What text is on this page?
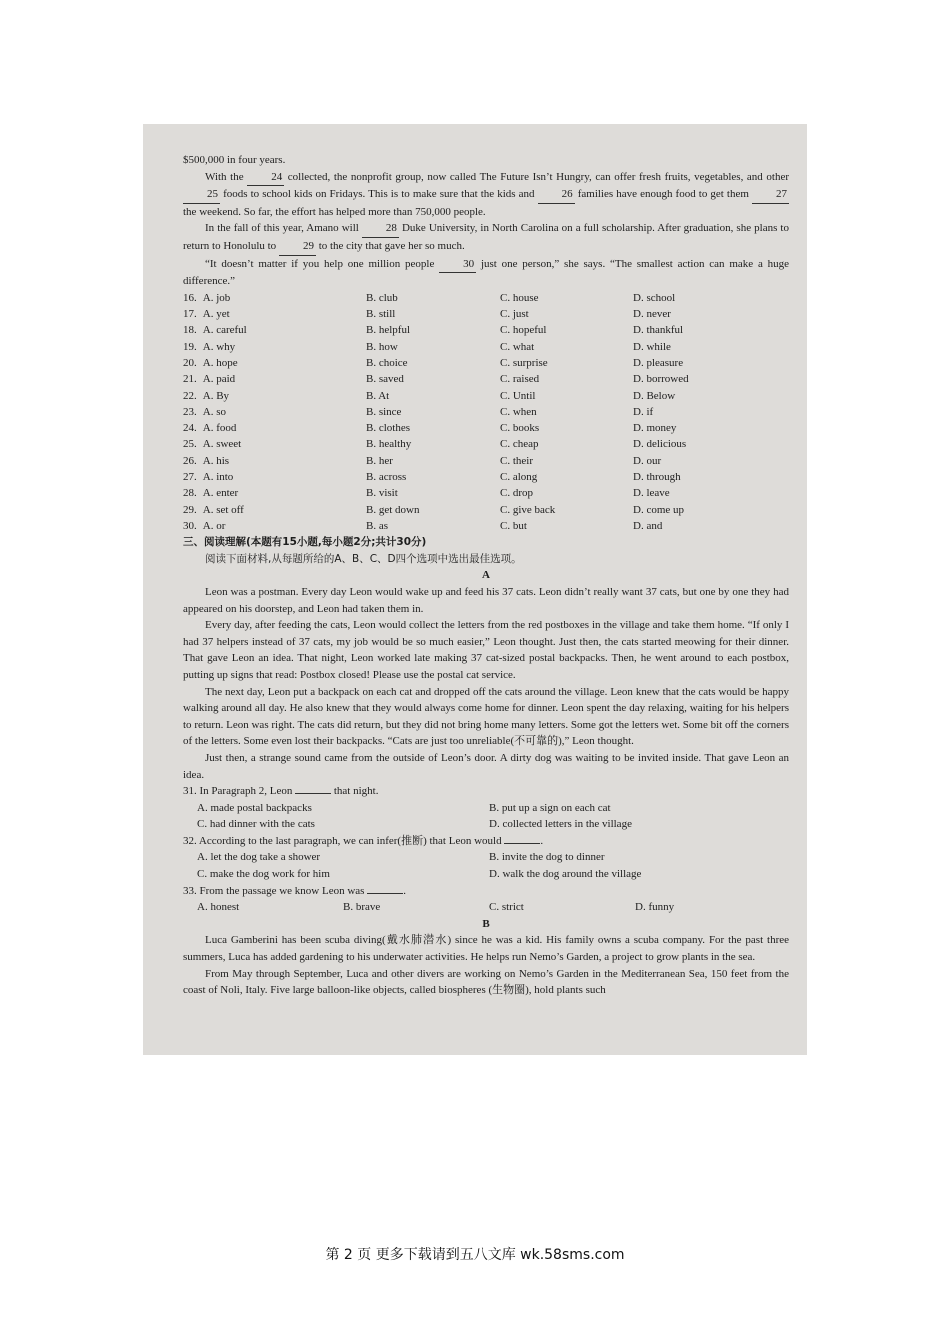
$500,000 in four years.

With the 24 collected, the nonprofit group, now called The Future Isn’t Hungry, can offer fresh fruits, vegetables, and other 25 foods to school kids on Fridays. This is to make sure that the kids and 26 families have enough food to get them 27 the weekend. So far, the effort has helped more than 750,000 people.

In the fall of this year, Amano will 28 Duke University, in North Carolina on a full scholarship. After graduation, she plans to return to Honolulu to 29 to the city that gave her so much.

“It doesn’t matter if you help one million people 30 just one person,” she says. “The smallest action can make a huge difference.”

16. A. job	B. club	C. house	D. school
17. A. yet	B. still	C. just	D. never
18. A. careful	B. helpful	C. hopeful	D. thankful
19. A. why	B. how	C. what	D. while
20. A. hope	B. choice	C. surprise	D. pleasure
21. A. paid	B. saved	C. raised	D. borrowed
22. A. By	B. At	C. Until	D. Below
23. A. so	B. since	C. when	D. if
24. A. food	B. clothes	C. books	D. money
25. A. sweet	B. healthy	C. cheap	D. delicious
26. A. his	B. her	C. their	D. our
27. A. into	B. across	C. along	D. through
28. A. enter	B. visit	C. drop	D. leave
29. A. set off	B. get down	C. give back	D. come up
30. A. or	B. as	C. but	D. and

三、阅读理解(本题有15小题,每小题2分;共计30分)

阅读下面材料,从每题所给的A、B、C、D四个选项中选出最佳选项。

A

Leon was a postman. Every day Leon would wake up and feed his 37 cats. Leon didn’t really want 37 cats, but one by one they had appeared on his doorstep, and Leon had taken them in.

Every day, after feeding the cats, Leon would collect the letters from the red postboxes in the village and take them home. “If only I had 37 helpers instead of 37 cats, my job would be so much easier,” Leon thought. Just then, the cats started meowing for their dinner. That gave Leon an idea. That night, Leon worked late making 37 cat-sized postal backpacks. Then, he went around to each postbox, putting up signs that read: Postbox closed! Please use the postal cat service.

The next day, Leon put a backpack on each cat and dropped off the cats around the village. Leon knew that the cats would be happy walking around all day. He also knew that they would always come home for dinner. Leon spent the day relaxing, waiting for his helpers to return. Leon was right. The cats did return, but they did not bring home many letters. Some got the letters wet. Some bit off the corners of the letters. Some even lost their backpacks. “Cats are just too unreliable(不可靠的),” Leon thought.

Just then, a strange sound came from the outside of Leon’s door. A dirty dog was waiting to be invited inside. That gave Leon an idea.

31. In Paragraph 2, Leon	that night.

A. made postal backpacks	B. put up a sign on each cat
C. had dinner with the cats	D. collected letters in the village

32. According to the last paragraph, we can infer(推断) that Leon would	.

A. let the dog take a shower	B. invite the dog to dinner
C. make the dog work for him	D. walk the dog around the village

33. From the passage we know Leon was	.

A. honest	B. brave	C. strict	D. funny

B

Luca Gamberini has been scuba diving(戴水肺潜水) since he was a kid. His family owns a scuba company. For the past three summers, Luca has added gardening to his underwater activities. He helps run Nemo’s Garden, a project to grow plants in the sea.

From May through September, Luca and other divers are working on Nemo’s Garden in the Mediterranean Sea, 150 feet from the coast of Noli, Italy. Five large balloon-like objects, called biospheres (生物圈), hold plants such

第 2 页 更多下载请到五八文库 wk.58sms.com
